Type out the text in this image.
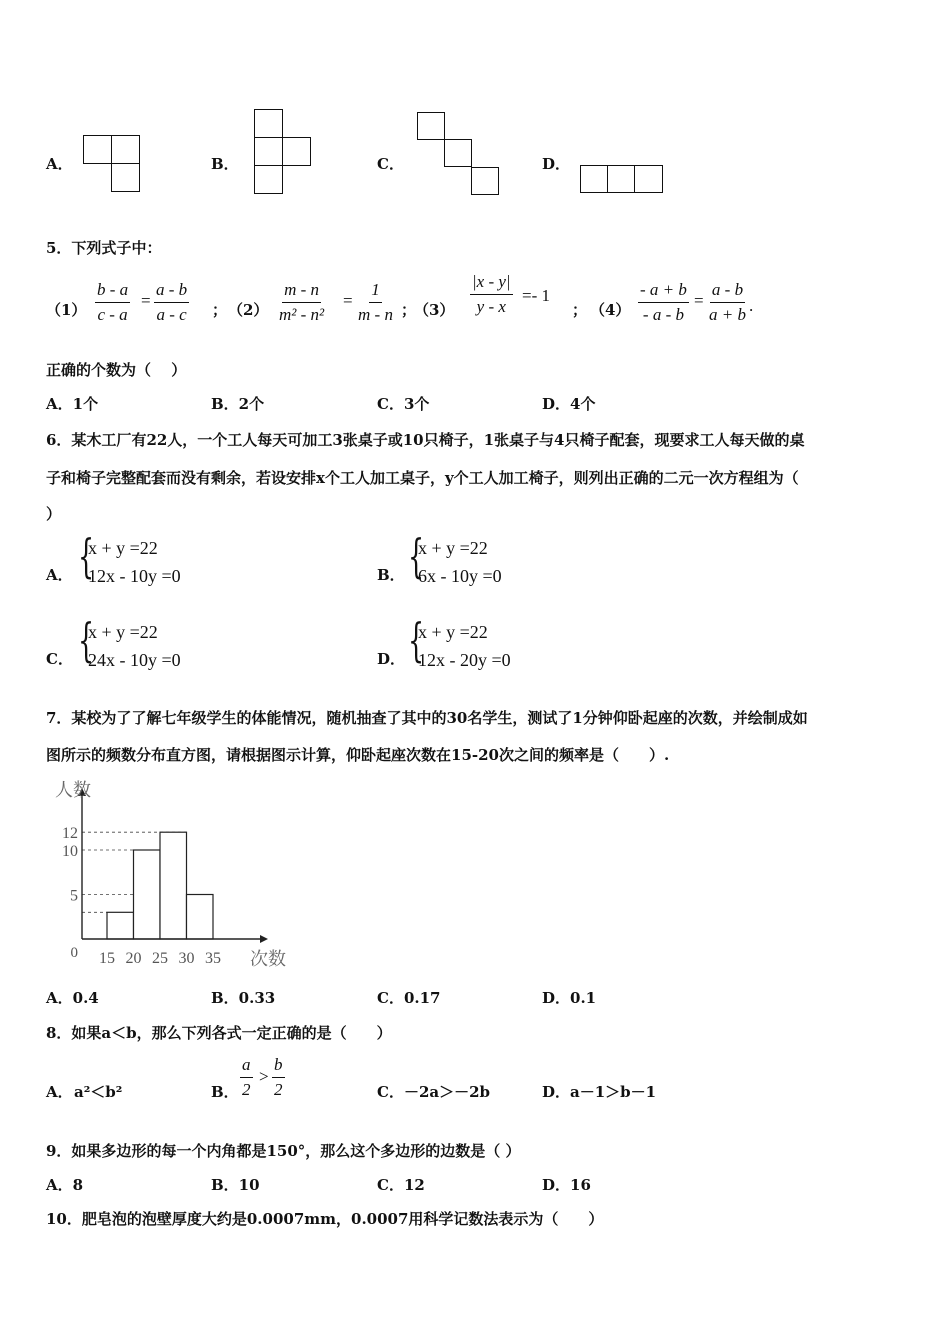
A．	B．	C．	D．
5．下列式子中：
$(1) \frac{b - a}{c - a} = \frac{a - b}{a - c}$ ； $(2) \frac{m - n}{\text{m² - n²}} = \frac{1}{m - n}$ ；
$(3) \frac{|x - y|}{y - x} =- 1$
； $(4) \frac{- a + b}{- a - b} = \frac{a - b}{a + b}$ .
正确的个数为（　 ）
A．1个	B．2个	C．3个	D．4个
6．某木工厂有22人，一个工人每天可加工3张桌子或10只椅子，1张桌子与4只椅子配套，现要求工人每天做的桌
子和椅子完整配套而没有剩余，若设安排x个工人加工桌子，y个工人加工椅子，则列出正确的二元一次方程组为（
）
A． {
x + y =22
12x - 10y =0	B． {
x + y =22
6x - 10y =0
C． {
x + y =22
24x - 10y =0	D． {
x + y =22
12x - 20y =0
7．某校为了了解七年级学生的体能情况，随机抽查了其中的30名学生，测试了1分钟仰卧起座的次数，并绘制成如
图所示的频数分布直方图，请根据图示计算，仰卧起座次数在15-20次之间的频率是（　　）.
5
10
12
0 15 20 25 30 35
人数
次数
A．0.4	B．0.33	C．0.17	D．0.1
8．如果a＜b，那么下列各式一定正确的是（　　）
A． a²＜b²	B． $\frac{a}{2} > \frac{b}{2}$	C．－2a＞－2b	D．a－1＞b－1
9．如果多边形的每一个内角都是150°，那么这个多边形的边数是（ ）
A．8	B．10	C．12	D．16
10．肥皂泡的泡壁厚度大约是0.0007mm，0.0007用科学记数法表示为（　　）
